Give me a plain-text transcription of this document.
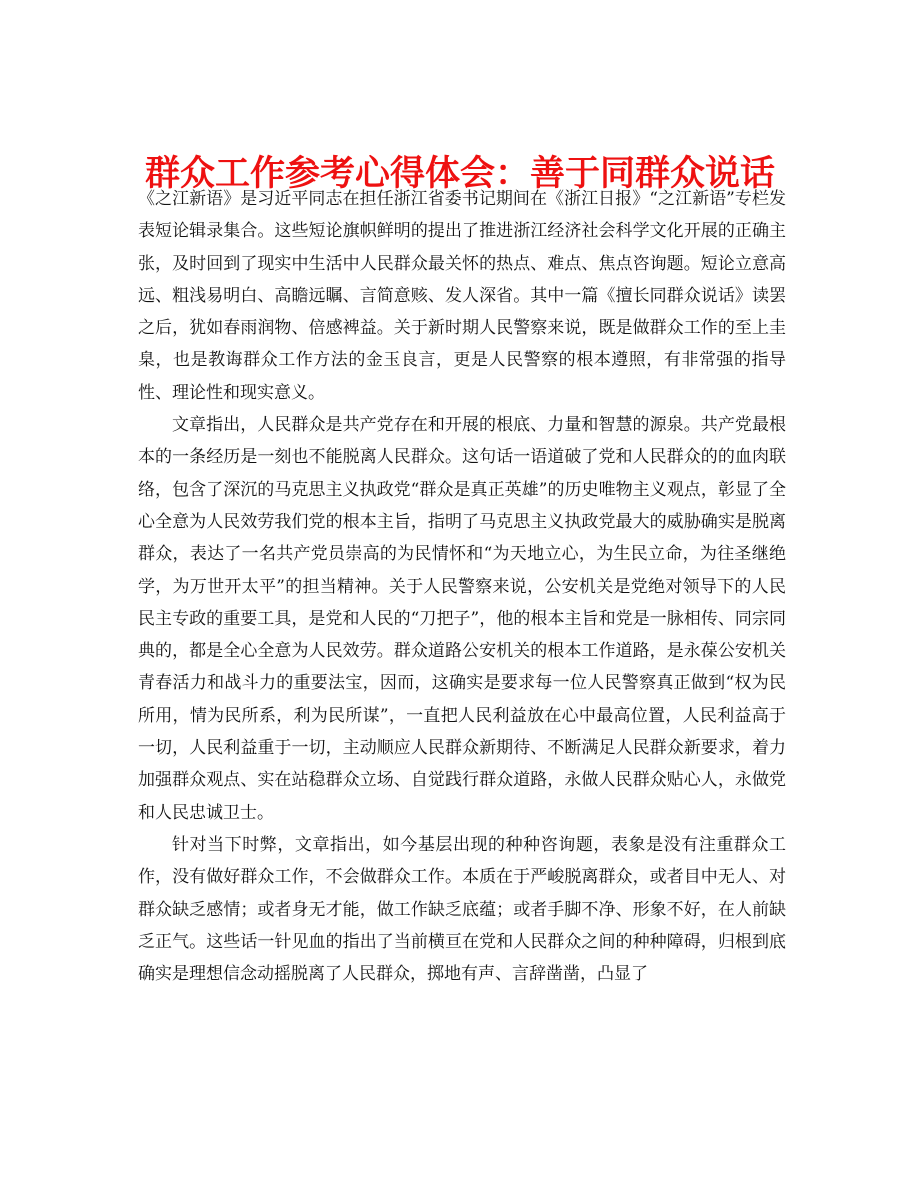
群众工作参考心得体会：善于同群众说话

《之江新语》是习近平同志在担任浙江省委书记期间在《浙江日报》“之江新语”专栏发表短论辑录集合。这些短论旗帜鲜明的提出了推进浙江经济社会科学文化开展的正确主张，及时回到了现实中生活中人民群众最关怀的热点、难点、焦点咨询题。短论立意高远、粗浅易明白、高瞻远瞩、言简意赅、发人深省。其中一篇《擅长同群众说话》读罢之后，犹如春雨润物、倍感裨益。关于新时期人民警察来说，既是做群众工作的至上圭臬，也是教诲群众工作方法的金玉良言，更是人民警察的根本遵照，有非常强的指导性、理论性和现实意义。

文章指出，人民群众是共产党存在和开展的根底、力量和智慧的源泉。共产党最根本的一条经历是一刻也不能脱离人民群众。这句话一语道破了党和人民群众的的血肉联络，包含了深沉的马克思主义执政党“群众是真正英雄”的历史唯物主义观点，彰显了全心全意为人民效劳我们党的根本主旨，指明了马克思主义执政党最大的威胁确实是脱离群众，表达了一名共产党员崇高的为民情怀和“为天地立心，为生民立命，为往圣继绝学，为万世开太平”的担当精神。关于人民警察来说，公安机关是党绝对领导下的人民民主专政的重要工具，是党和人民的“刀把子”，他的根本主旨和党是一脉相传、同宗同典的，都是全心全意为人民效劳。群众道路公安机关的根本工作道路，是永葆公安机关青春活力和战斗力的重要法宝，因而，这确实是要求每一位人民警察真正做到“权为民所用，情为民所系，利为民所谋”，一直把人民利益放在心中最高位置，人民利益高于一切，人民利益重于一切，主动顺应人民群众新期待、不断满足人民群众新要求，着力加强群众观点、实在站稳群众立场、自觉践行群众道路，永做人民群众贴心人，永做党和人民忠诚卫士。

针对当下时弊，文章指出，如今基层出现的种种咨询题，表象是没有注重群众工作，没有做好群众工作，不会做群众工作。本质在于严峻脱离群众，或者目中无人、对群众缺乏感情；或者身无才能，做工作缺乏底蕴；或者手脚不净、形象不好，在人前缺乏正气。这些话一针见血的指出了当前横亘在党和人民群众之间的种种障碍，归根到底确实是理想信念动摇脱离了人民群众，掷地有声、言辞凿凿，凸显了
